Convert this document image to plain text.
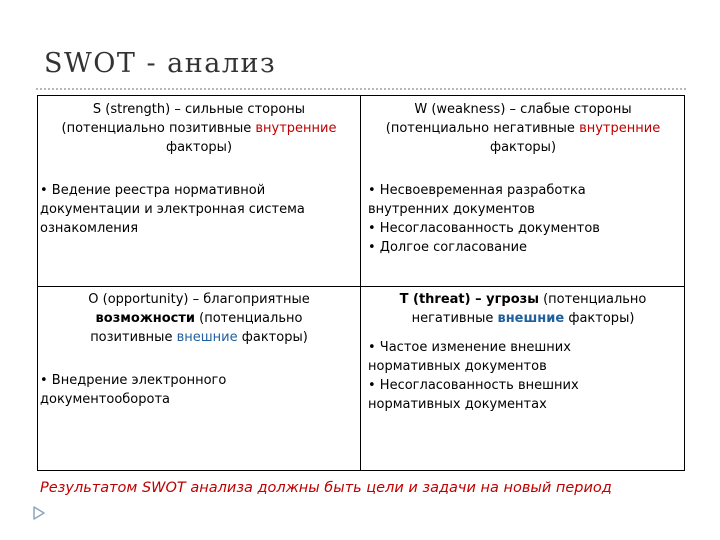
SWOT - анализ
S (strength) – сильные стороны
(потенциально позитивные внутренние
факторы)
• Ведение реестра нормативной
документации и электронная система
ознакомления
W (weakness) – слабые стороны
(потенциально негативные внутренние
факторы)
• Несвоевременная разработка
внутренних документов
• Несогласованность документов
• Долгое согласование
O (opportunity) – благоприятные
возможности (потенциально
позитивные внешние факторы)
• Внедрение электронного
документооборота
T (threat) – угрозы (потенциально
негативные внешние факторы)
• Частое изменение внешних
нормативных документов
• Несогласованность внешних
нормативных документах
Результатом SWOT анализа должны быть цели и задачи на новый период
